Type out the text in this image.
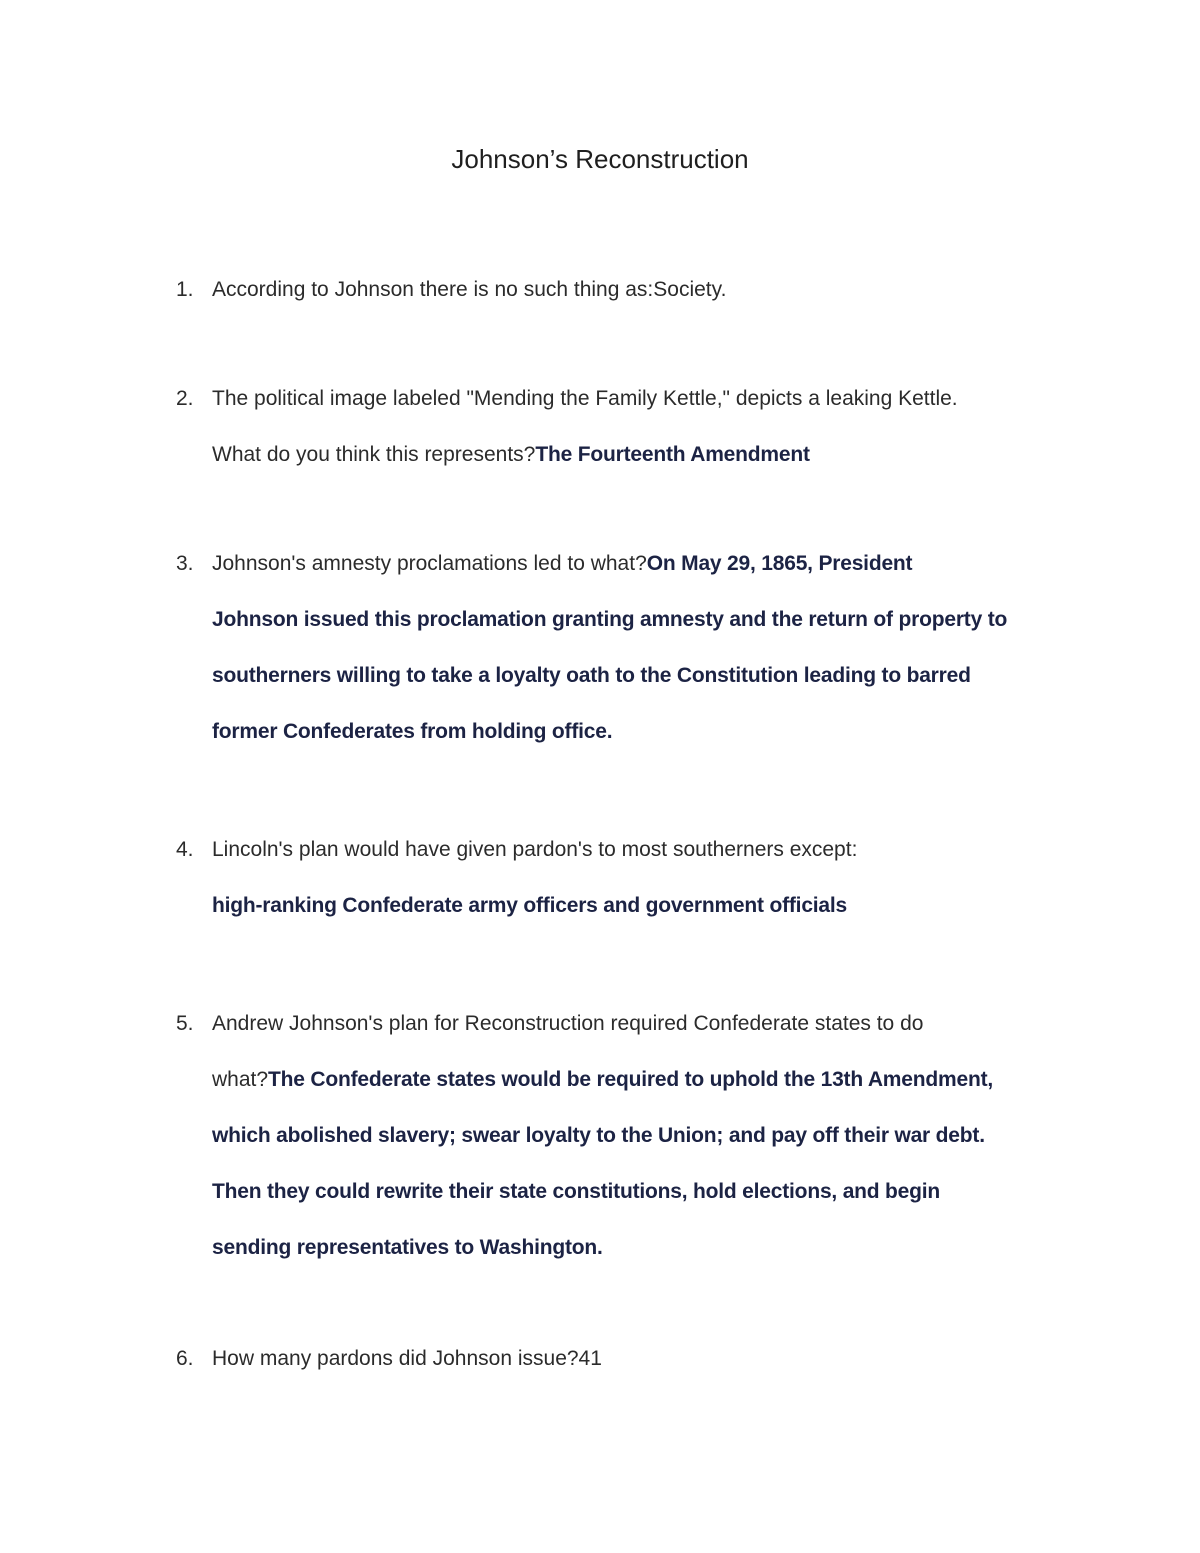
Johnson’s Reconstruction
1. According to Johnson there is no such thing as:Society.
2. The political image labeled "Mending the Family Kettle," depicts a leaking Kettle.
What do you think this represents?The Fourteenth Amendment
3. Johnson's amnesty proclamations led to what?On May 29, 1865, President
Johnson issued this proclamation granting amnesty and the return of property to
southerners willing to take a loyalty oath to the Constitution leading to barred
former Confederates from holding office.
4. Lincoln's plan would have given pardon's to most southerners except:
high-ranking Confederate army officers and government officials
5. Andrew Johnson's plan for Reconstruction required Confederate states to do
what?The Confederate states would be required to uphold the 13th Amendment,
which abolished slavery; swear loyalty to the Union; and pay off their war debt.
Then they could rewrite their state constitutions, hold elections, and begin
sending representatives to Washington.
6. How many pardons did Johnson issue?41
